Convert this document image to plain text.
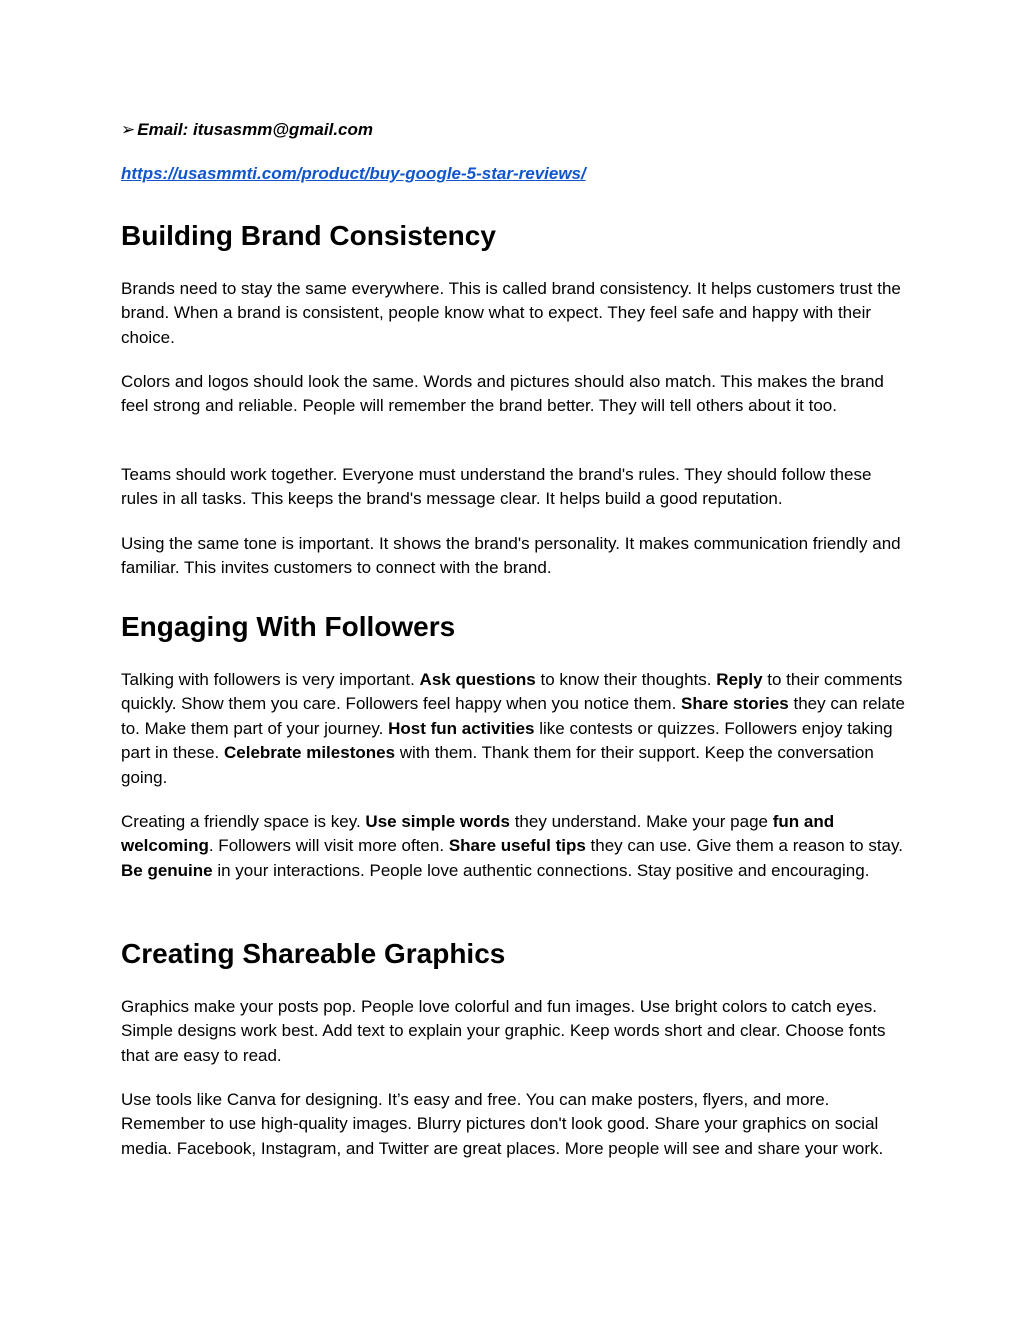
➢ Email: itusasmm@gmail.com
https://usasmmti.com/product/buy-google-5-star-reviews/
Building Brand Consistency

Brands need to stay the same everywhere. This is called brand consistency. It helps customers trust the brand. When a brand is consistent, people know what to expect. They feel safe and happy with their choice.

Colors and logos should look the same. Words and pictures should also match. This makes the brand feel strong and reliable. People will remember the brand better. They will tell others about it too.

Teams should work together. Everyone must understand the brand's rules. They should follow these rules in all tasks. This keeps the brand's message clear. It helps build a good reputation.

Using the same tone is important. It shows the brand's personality. It makes communication friendly and familiar. This invites customers to connect with the brand.

Engaging With Followers

Talking with followers is very important. Ask questions to know their thoughts. Reply to their comments quickly. Show them you care. Followers feel happy when you notice them. Share stories they can relate to. Make them part of your journey. Host fun activities like contests or quizzes. Followers enjoy taking part in these. Celebrate milestones with them. Thank them for their support. Keep the conversation going.

Creating a friendly space is key. Use simple words they understand. Make your page fun and welcoming. Followers will visit more often. Share useful tips they can use. Give them a reason to stay. Be genuine in your interactions. People love authentic connections. Stay positive and encouraging.

Creating Shareable Graphics

Graphics make your posts pop. People love colorful and fun images. Use bright colors to catch eyes. Simple designs work best. Add text to explain your graphic. Keep words short and clear. Choose fonts that are easy to read.

Use tools like Canva for designing. It’s easy and free. You can make posters, flyers, and more. Remember to use high-quality images. Blurry pictures don't look good. Share your graphics on social media. Facebook, Instagram, and Twitter are great places. More people will see and share your work.
